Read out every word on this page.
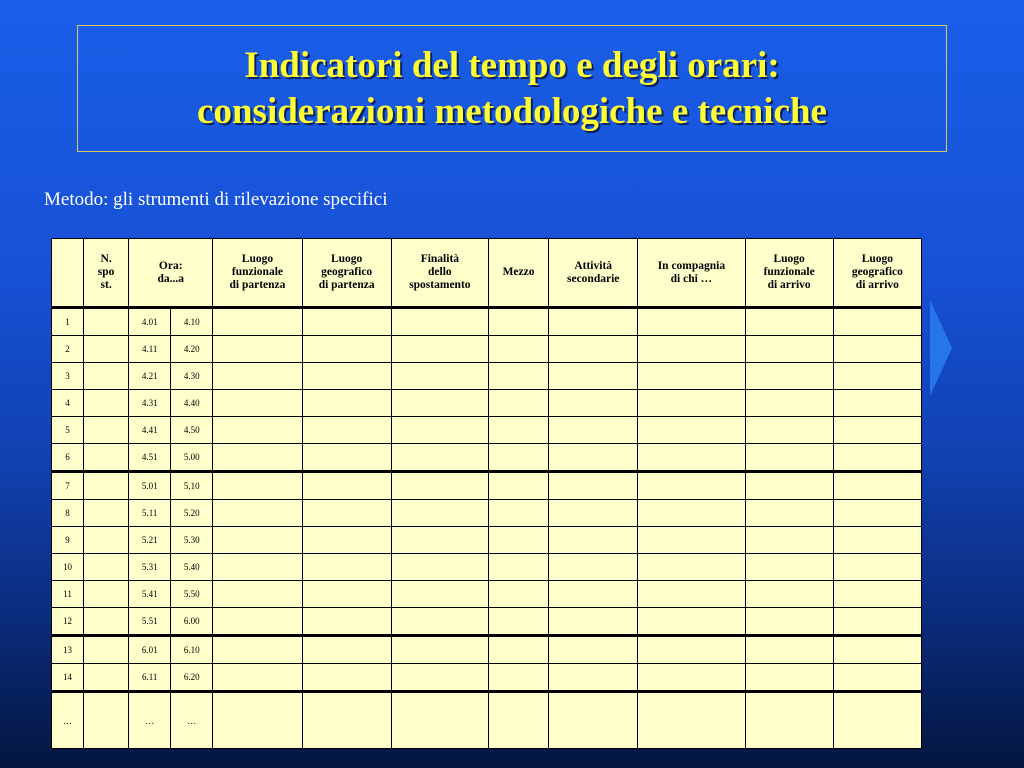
Indicatori del tempo e degli orari:
considerazioni metodologiche e tecniche
Metodo: gli strumenti di rilevazione specifici
	N.
spo
st.	Ora:
da...a		Luogo
funzionale
di partenza	Luogo
geografico
di partenza	Finalità
dello
spostamento	Mezzo	Attività
secondarie	In compagnia
di chi …	Luogo
funzionale
di arrivo	Luogo
geografico
di arrivo
1		4.01	4.10								
2		4.11	4.20								
3		4.21	4.30								
4		4.31	4.40								
5		4.41	4.50								
6		4.51	5.00								
7		5.01	5.10								
8		5.11	5.20								
9		5.21	5.30								
10		5.31	5.40								
11		5.41	5.50								
12		5.51	6.00								
13		6.01	6.10								
14		6.11	6.20								
…		…	…								
